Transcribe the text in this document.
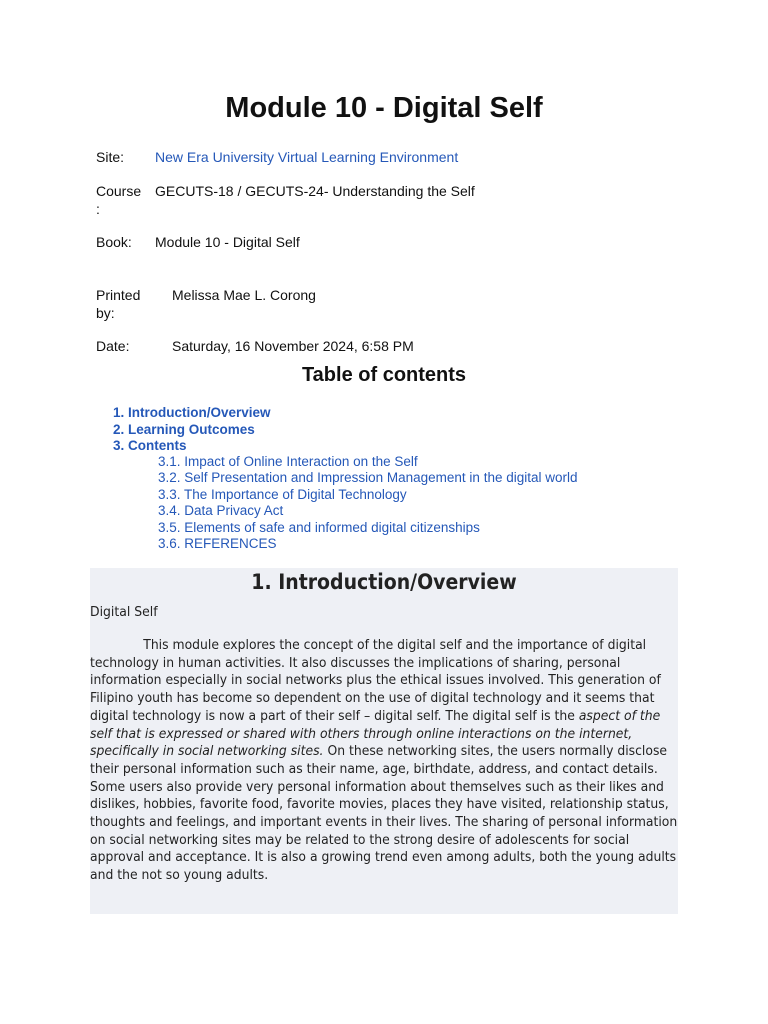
Module 10 - Digital Self
Site: New Era University Virtual Learning Environment
Course
:
GECUTS-18 / GECUTS-24- Understanding the Self
Book: Module 10 - Digital Self
Printed
by:
Melissa Mae L. Corong
Date:	Saturday, 16 November 2024, 6:58 PM
Table of contents
1. Introduction/Overview
2. Learning Outcomes
3. Contents
3.1. Impact of Online Interaction on the Self
3.2. Self Presentation and Impression Management in the digital world
3.3. The Importance of Digital Technology
3.4. Data Privacy Act
3.5. Elements of safe and informed digital citizenships
3.6. REFERENCES
1. Introduction/Overview
Digital Self

This module explores the concept of the digital self and the importance of digital technology in human activities. It also discusses the implications of sharing, personal information especially in social networks plus the ethical issues involved. This generation of Filipino youth has become so dependent on the use of digital technology and it seems that digital technology is now a part of their self – digital self. The digital self is the aspect of the self that is expressed or shared with others through online interactions on the internet, specifically in social networking sites. On these networking sites, the users normally disclose their personal information such as their name, age, birthdate, address, and contact details. Some users also provide very personal information about themselves such as their likes and dislikes, hobbies, favorite food, favorite movies, places they have visited, relationship status, thoughts and feelings, and important events in their lives. The sharing of personal information on social networking sites may be related to the strong desire of adolescents for social approval and acceptance. It is also a growing trend even among adults, both the young adults and the not so young adults.
